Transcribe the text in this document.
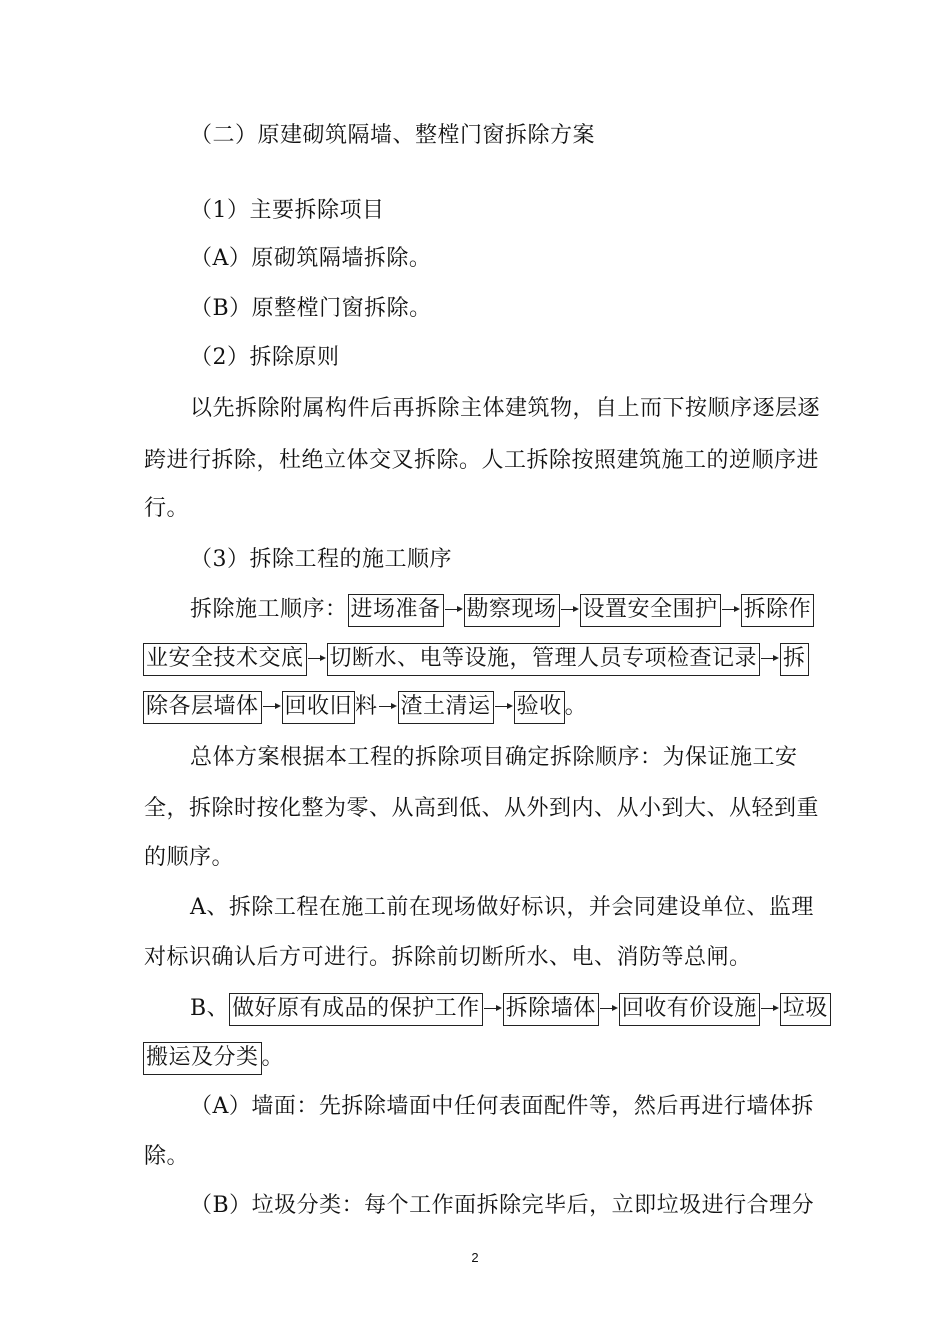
（二）原建砌筑隔墙、整樘门窗拆除方案
（1）主要拆除项目
（A）原砌筑隔墙拆除。
（B）原整樘门窗拆除。
（2）拆除原则
以先拆除附属构件后再拆除主体建筑物，自上而下按顺序逐层逐
跨进行拆除，杜绝立体交叉拆除。人工拆除按照建筑施工的逆顺序进
行。
（3）拆除工程的施工顺序
拆除施工顺序： 进场准备 勘察现场 设置安全围护 拆除作
业安全技术交底 切断水、电等设施，管理人员专项检查记录 拆
除各层墙体 回收旧 料 渣土清运 验收 。
总体方案根据本工程的拆除项目确定拆除顺序：为保证施工安
全，拆除时按化整为零、从高到低、从外到内、从小到大、从轻到重
的顺序。
A、拆除工程在施工前在现场做好标识，并会同建设单位、监理
对标识确认后方可进行。拆除前切断所水、电、消防等总闸。
B、 做好原有成品的保护工作 拆除墙体 回收有价设施 垃圾
搬运及分类 。
（A）墙面：先拆除墙面中任何表面配件等，然后再进行墙体拆
除。
（B）垃圾分类：每个工作面拆除完毕后，立即垃圾进行合理分
2
